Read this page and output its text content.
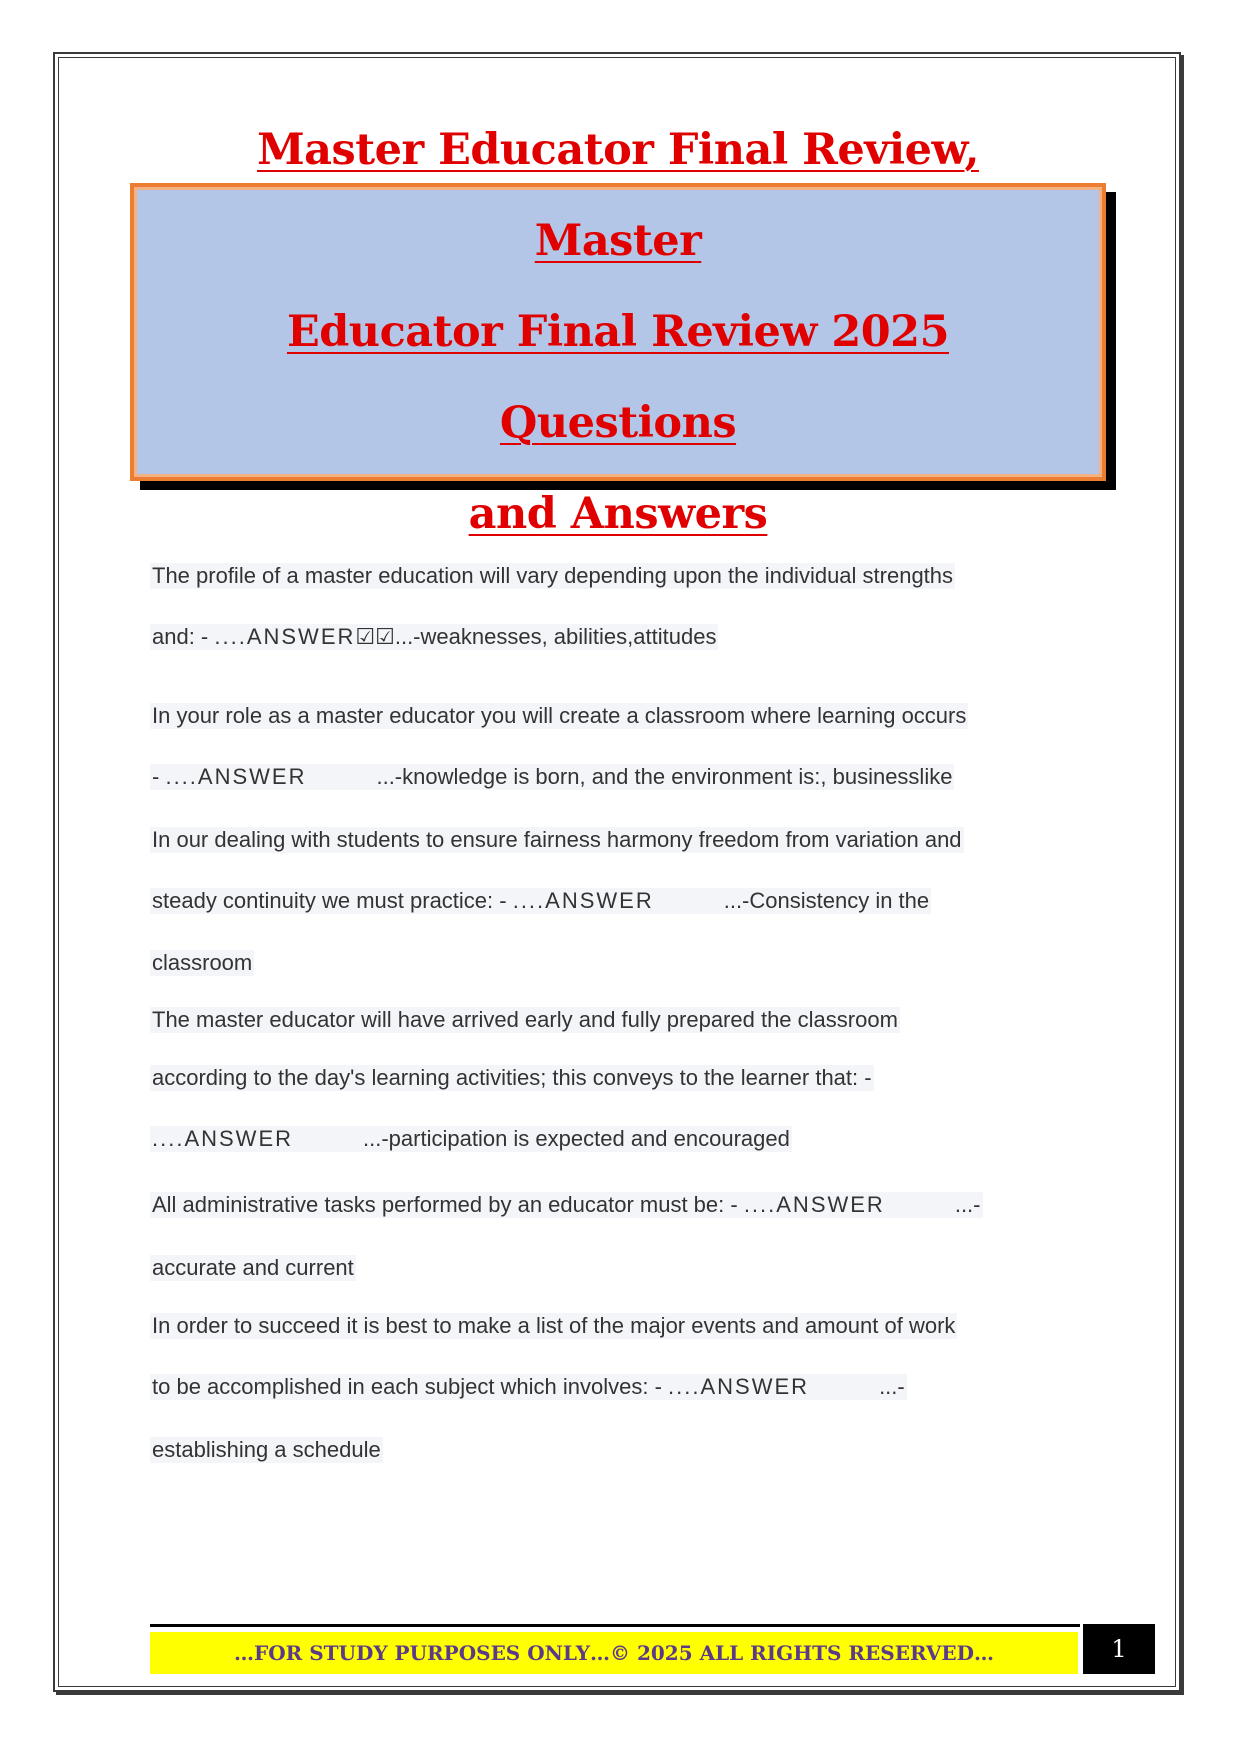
Master Educator Final Review, Master
Educator Final Review 2025 Questions
and Answers
The profile of a master education will vary depending upon the individual strengths
and: - ....ANSWER☑☑...-weaknesses, abilities,attitudes
In your role as a master educator you will create a classroom where learning occurs
- ....ANSWER	...-knowledge is born, and the environment is:, businesslike
In our dealing with students to ensure fairness harmony freedom from variation and
steady continuity we must practice: - ....ANSWER	...-Consistency in the
classroom
The master educator will have arrived early and fully prepared the classroom
according to the day's learning activities; this conveys to the learner that: -
....ANSWER	...-participation is expected and encouraged
All administrative tasks performed by an educator must be: - ....ANSWER	...-
accurate and current
In order to succeed it is best to make a list of the major events and amount of work
to be accomplished in each subject which involves: - ....ANSWER	...-
establishing a schedule
…FOR STUDY PURPOSES ONLY…© 2025 ALL RIGHTS RESERVED…	1
